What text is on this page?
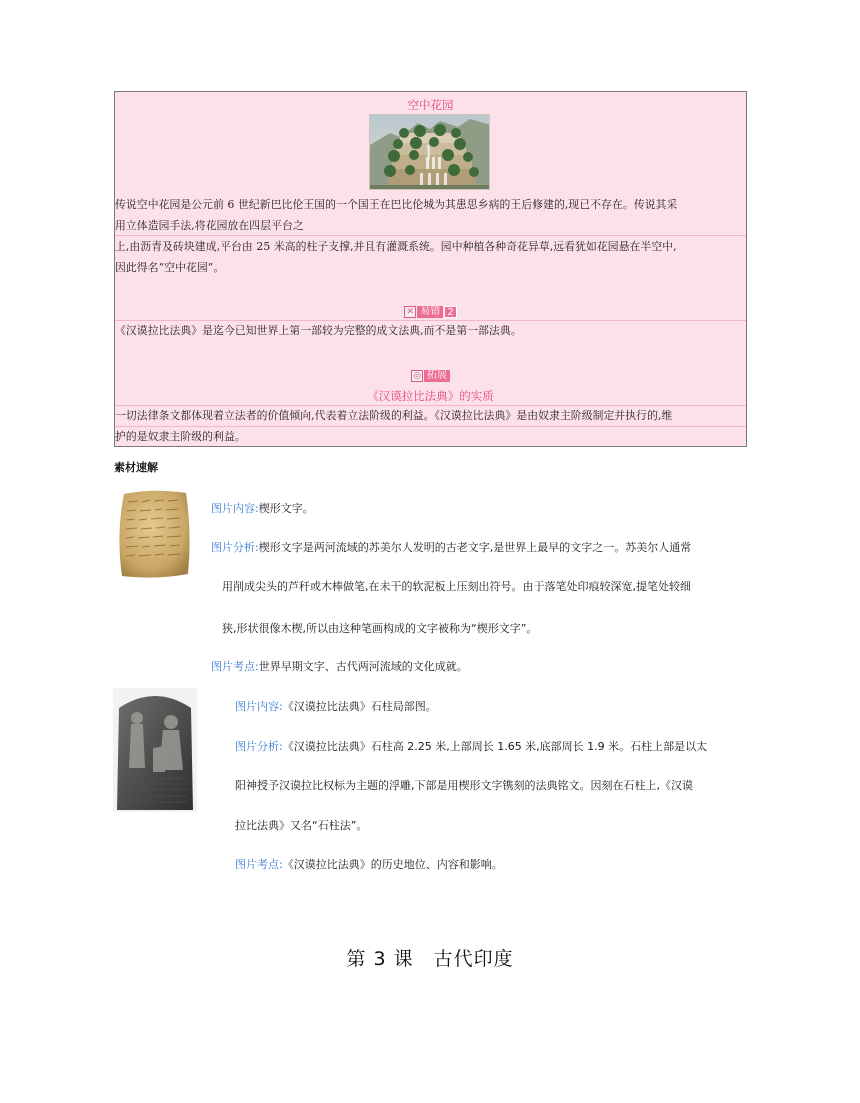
空中花园
传说空中花园是公元前 6 世纪新巴比伦王国的一个国王在巴比伦城为其患思乡病的王后修建的,现已不存在。传说其采
用立体造园手法,将花园放在四层平台之
上,由沥青及砖块建成,平台由 25 米高的柱子支撑,并且有灌溉系统。园中种植各种奇花异草,远看犹如花园悬在半空中,
因此得名“空中花园”。
✕ 易错 2
《汉谟拉比法典》是迄今已知世界上第一部较为完整的成文法典,而不是第一部法典。
◎ 拓展
《汉谟拉比法典》的实质
一切法律条文都体现着立法者的价值倾向,代表着立法阶级的利益。《汉谟拉比法典》是由奴隶主阶级制定并执行的,维
护的是奴隶主阶级的利益。
素材速解
图片内容:楔形文字。
图片分析:楔形文字是两河流域的苏美尔人发明的古老文字,是世界上最早的文字之一。苏美尔人通常
用削成尖头的芦秆或木棒做笔,在未干的软泥板上压刻出符号。由于落笔处印痕较深宽,提笔处较细
狭,形状很像木楔,所以由这种笔画构成的文字被称为“楔形文字”。
图片考点:世界早期文字、古代两河流域的文化成就。
图片内容:《汉谟拉比法典》石柱局部图。
图片分析:《汉谟拉比法典》石柱高 2.25 米,上部周长 1.65 米,底部周长 1.9 米。石柱上部是以太
阳神授予汉谟拉比权标为主题的浮雕,下部是用楔形文字镌刻的法典铭文。因刻在石柱上,《汉谟
拉比法典》又名“石柱法”。
图片考点:《汉谟拉比法典》的历史地位、内容和影响。
第 3 课 古代印度
